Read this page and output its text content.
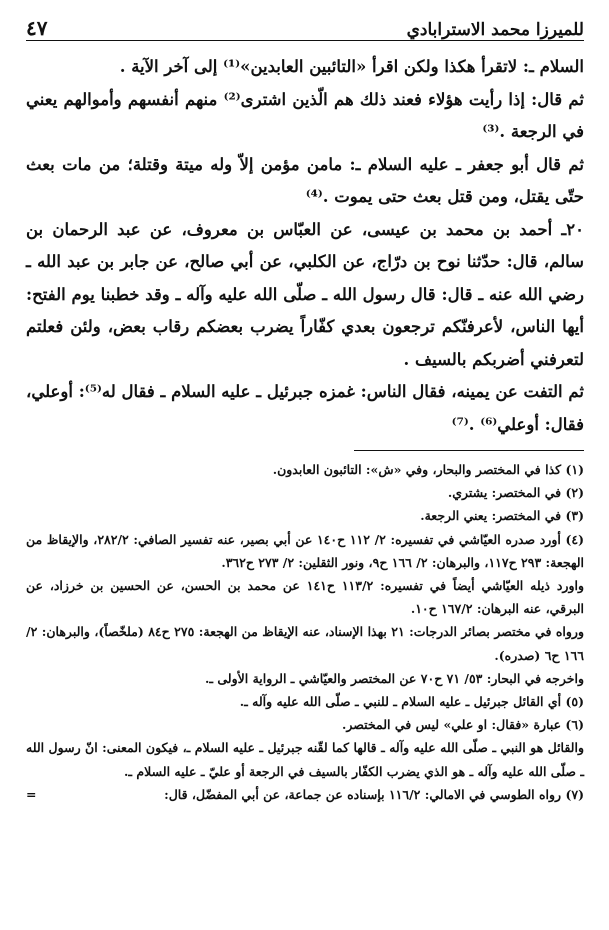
للميرزا محمد الاسترابادي
٤٧

السلام ـ: لاتقرأ هكذا ولكن اقرأ «التائبين العابدين»⁽¹⁾ إلى آخر الآية .

ثم قال: إذا رأيت هؤلاء فعند ذلك هم الّذين اشترى⁽²⁾ منهم أنفسهم وأموالهم يعني في الرجعة .⁽³⁾

ثم قال أبو جعفر ـ عليه السلام ـ: مامن مؤمن إلاّ وله ميتة وقتلة؛ من مات بعث حتّى يقتل، ومن قتل بعث حتى يموت .⁽⁴⁾

٢٠ـ أحمد بن محمد بن عيسى، عن العبّاس بن معروف، عن عبد الرحمان بن سالم، قال: حدّثنا نوح بن درّاج، عن الكلبي، عن أبي صالح، عن جابر بن عبد الله ـ رضي الله عنه ـ قال: قال رسول الله ـ صلّى الله عليه وآله ـ وقد خطبنا يوم الفتح: أيها الناس، لأعرفنّكم ترجعون بعدي كفّاراً يضرب بعضكم رقاب بعض، ولئن فعلتم لتعرفني أضربكم بالسيف .

ثم التفت عن يمينه، فقال الناس: غمزه جبرئيل ـ عليه السلام ـ فقال له⁽⁵⁾: أوعلي، فقال: أوعلي⁽⁶⁾ .⁽⁷⁾

(١) كذا في المختصر والبحار، وفي «ش»: التائبون العابدون.

(٢) في المختصر: يشتري.

(٣) في المختصر: يعني الرجعة.

(٤) أورد صدره العيّاشي في تفسيره: ٢/ ١١٢ ح١٤٠ عن أبي بصير، عنه تفسير الصافي: ٢٨٢/٢، والإيقاظ من الهجعة: ٢٩٣ ح١١٧، والبرهان: ٢/ ١٦٦ ح٩، ونور الثقلين: ٢/ ٢٧٣ ح٣٦٢.

واورد ذيله العيّاشي أيضاً في تفسيره: ١١٣/٢ ح١٤١ عن محمد بن الحسن، عن الحسين بن خرزاد، عن البرقي، عنه البرهان: ١٦٧/٢ ح١٠.

ورواه في مختصر بصائر الدرجات: ٢١ بهذا الإسناد، عنه الإيقاظ من الهجعة: ٢٧٥ ح٨٤ (ملخّصاً)، والبرهان: ٢/ ١٦٦ ح٦ (صدره).

واخرجه في البحار: ٥٣/ ٧١ ح٧٠ عن المختصر والعيّاشي ـ الرواية الأولى ـ.

(٥) أي القائل جبرئيل ـ عليه السلام ـ للنبي ـ صلّى الله عليه وآله ـ.

(٦) عبارة «فقال: او علي» ليس في المختصر.

والقائل هو النبي ـ صلّى الله عليه وآله ـ قالها كما لقّنه جبرئيل ـ عليه السلام ـ، فيكون المعنى: انّ رسول الله ـ صلّى الله عليه وآله ـ هو الذي يضرب الكفّار بالسيف في الرجعة أو عليّ ـ عليه السلام ـ.

(٧) رواه الطوسي في الامالي: ١١٦/٢ بإسناده عن جماعة، عن أبي المفضّل، قال:
=
